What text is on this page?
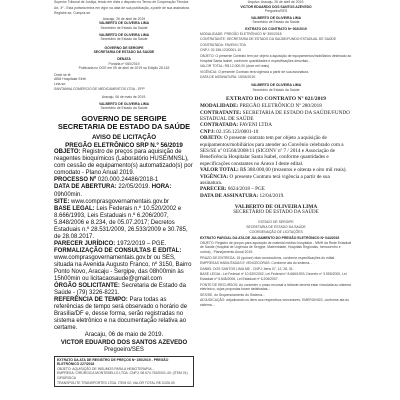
Superior Tribunal de Justiça, tendo em vista o disposto no Termo de Cooperação Técnica
Art. 3º - Esta portaria entra em vigor na data de sua publicação, a partir de sua assinatura.
Registre-se, Cumpra-se.
Aracaju, 26 de abril de 2019
VALBERTO DE OLIVEIRA LIMA
Secretário de Estado da Saúde
VALBERTO DE OLIVEIRA LIMA
Secretário de Estado da Saúde
GOVERNO DE SERGIPE
SECRETARIA DE ESTADO DA SAÚDE
DENATA
Portaria nº 060/2019
Publicada no DOE em 05 de abril de 2019 na Edição 28.163
Onde se lê:
ABM Hospitalar Eireli
Leia-se:
SANTANNA COMERCIO DE MEDICAMENTOS LTDA - EPP
Aracaju, 06 de maio de 2019.
VALBERTO DE OLIVEIRA LIMA
Secretário de Estado da Saúde
GOVERNO DE SERGIPE
SECRETARIA DE ESTADO DA SAÚDE
AVISO DE LICITAÇÃO
PREGÃO ELETRÔNICO SRP N.º 56/2019

OBJETO: Registro de preços para aquisição de reagentes bioquímicos (Laboratório HUSE/MNSL), com cessão de equipamento(s) automatizado(s) por comodato - Plano Anual 2019.

PROCESSO Nº 020.000.24486/2018-1

DATA DE ABERTURA: 22/05/2019. HORA: 09h00min.

SITE: www.comprasgovernamentais.gov.br

BASE LEGAL: Leis Federais n.º 10.520/2002 e 8.666/1993, Leis Estaduais n.º 6.206/2007, 5.848/2006 e 8.234, de 05.07.2017; Decretos Estaduais n.º 28.531/2009, 26.533/2009 e 30.785, de 28.08.2017.

PARECER JURÍDICO: 1972/2019 – PGE.

FORMALIZAÇÃO DE CONSULTAS E EDITAL: www.comprasgovernamentais.gov.br ou SES, situada na Avenida Augusto Franco, nº 3150, Bairro Ponto Novo, Aracaju - Sergipe, das 08h00min às 15h00min ou licitacaosaude@gmail.com

ÓRGÃO SOLICITANTE: Secretaria de Estado da Saúde - (79) 3226-8221.

REFERÊNCIA DE TEMPO: Para todas as referências de tempo será observado o horário de Brasília/DF e, desse forma, serão registradas no sistema eletrônico e na documentação relativa ao certame.

Aracaju, 06 de maio de 2019.

VICTOR EDUARDO DOS SANTOS AZEVEDO

Pregoeiro/SES

EXTRATO DA ATA DE REGISTRO DE PREÇOS Nº 150/2019 - PREGÃO ELETRÔNICO 227/2018
OBJETO: AQUISIÇÃO DE INSUMOS PARA A HEMOTERAPIA...
EMPRESA: CIRÚRGICA MONTEBELLO LTDA. CNPJ: 08.674.752/0001-40; (ITEM 01) CIRÚRGICA
TRANSPOLITE TRANSPORTES LTDA. ITEM 02; VALOR TOTAL R$ 3.026,00
Arquivo: Aracaju, 26 de abril de 2019.
VICTOR EDUARDO DOS SANTOS AZEVEDO
Pregoeiro/SES
VALBERTO DE OLIVEIRA LIMA
Secretário de Estado da Saúde
EXTRATO DO CONTRATO Nº 002/2019
MODALIDADE: PREGÃO ELETRÔNICO Nº 300/2018
CONTRATANTE: SECRETARIA DE ESTADO DA SAÚDE/FUNDO ESTADUAL DE SAÚDE
CONTRATADA: FAVENI LTDA
CNPJ: 02.156.123/0001-10
OBJETO: O presente Contrato tem por objeto a aquisição de equipamentos/mobiliários destinado ao Hospital Santa Isabel, conforme quantidades e especificações descritas...
VALOR TOTAL: R$ 12.000,00 (doze mil reais)
VIGÊNCIA: O presente Contrato terá vigência a partir de sua assinatura.
DATA DE ASSINATURA: 15/04/2019.
VALBERTO DE OLIVEIRA LIMA
Secretário de Estado da Saúde
EXTRATO DO CONTRATO Nº 021/2019

MODALIDADE: PREGÃO ELETRÔNICO Nº 280/2018

CONTRATANTE: SECRETARIA DE ESTADO DA SAÚDE/FUNDO ESTADUAL DE SAÚDE

CONTRATADA: FAVENI LTDA

CNPJ: 02.156.123/0001-10

OBJETO: O presente contrato tem por objeto a aquisição de equipamentos/mobiliários para atender ao Convênio celebrado com a SES/SE nº 01568/2008/11 (SICONV nº 7 / 2014 e Associação de Beneficência Hospitalar Santa Isabel, conforme quantidades e especificações constantes no Anexo I deste edital.

VALOR TOTAL: R$ 388.000,00 (trezentos e oitenta e oito mil reais).

VIGÊNCIA: O presente Contrato terá vigência a partir de sua assinatura.

PARECER: 6624/2018 – PGE

DATA DE ASSINATURA: 12/04/2019.

VALBERTO DE OLIVEIRA LIMA
SECRETÁRIO DE ESTADO DA SAÚDE
ESTADO DE SERGIPE
SECRETARIA DE ESTADO DA SAÚDE
COORDENAÇÃO DE LICITAÇÕES
EXTRATO PARCIAL DA ATA DE JULGAMENTO DO PREGÃO ELETRÔNICO Nº 044/2019
OBJETO: Registro de preços para aquisição de material médico hospitalar - MMH da Rede Estadual de Saúde (Hospital de Urgência de Sergipe, Maternidade, Hospitais Regionais, hemocentro e outros) - Planejamento Anual 2019.
PRAZO DE ENTREGA: 15 (quinze) dias consecutivos, conforme especificações do edital.
EMPRESAS HABILITADAS E VENCEDORAS: Conforme ata do sistema...
DANIEL DOS SANTOS LIMA ME - CNPJ: Itens 07, 12, 28, 31.
BASE LEGAL: Lei Federal nº 10.520/2002, Lei Federal nº 8.666/1993, Decreto nº 3.555/2000, Lei Estadual nº 5.848/2006, Lei Estadual nº 6.206/2007.
FONTE DE RECURSOS: Ao conceder o prazo recursal a licitante deverá estar vinculada ao sistema eletrônico, cujas propostas foram detalhadas...
SES/SE, do Sequenciamento do Sistema...
ADJUDICAÇÃO: adjudicando os itens aos respectivos vencedores, EMERGINGS, conforme ata do sistema...
